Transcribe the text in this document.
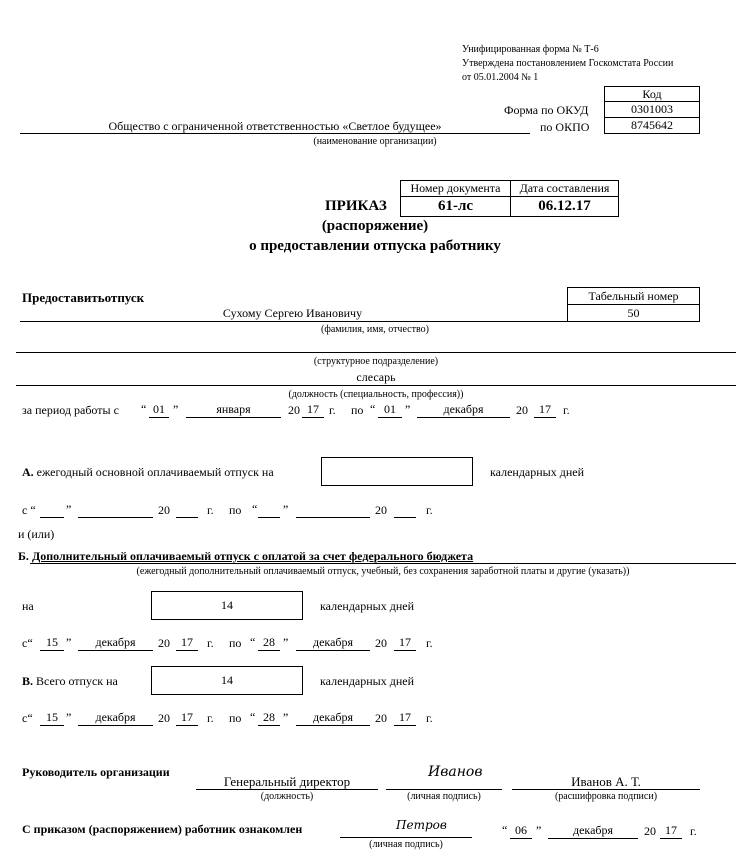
Унифицированная форма № Т-6
Утверждена постановлением Госкомстата России
от 05.01.2004 № 1
Код
Форма по ОКУД	0301003
по ОКПО	8745642
Общество с ограниченной ответственностью «Светлое будущее»
(наименование организации)
Номер документа	Дата составления
61-лс	06.12.17
ПРИКАЗ
(распоряжение)
о предоставлении отпуска работнику
Предоставитьотпуск	Табельный номер
50
Сухому Сергею Ивановичу
(фамилия, имя, отчество)
(структурное подразделение)
слесарь
(должность (специальность, профессия))
за период работы с “ 01 ”	января	20 17 г. по “ 01 ”	декабря	20 17	г.
А. ежегодный основной оплачиваемый отпуск на	календарных дней
с “	”	20	г. по “ ”	20	г.
и (или)
Б. Дополнительный оплачиваемый отпуск с оплатой за счет федерального бюджета
(ежегодный дополнительный оплачиваемый отпуск, учебный, без сохранения заработной платы и другие (указать))
на	14	календарных дней
с“	15 ”	декабря	20 17	г. по “ 28 ”	декабря	20	17	г.
В. Всего отпуск на	14	календарных дней
с“	15 ”	декабря	20 17	г. по “ 28 ”	декабря	20	17	г.
Руководитель организации
Генеральный директор
(должность)
Иванов
(личная подпись)
Иванов А. Т.
(расшифровка подписи)
С приказом (распоряжением) работник ознакомлен	Петров
(личная подпись)
“ 06 ”	декабря	20 17	г.
